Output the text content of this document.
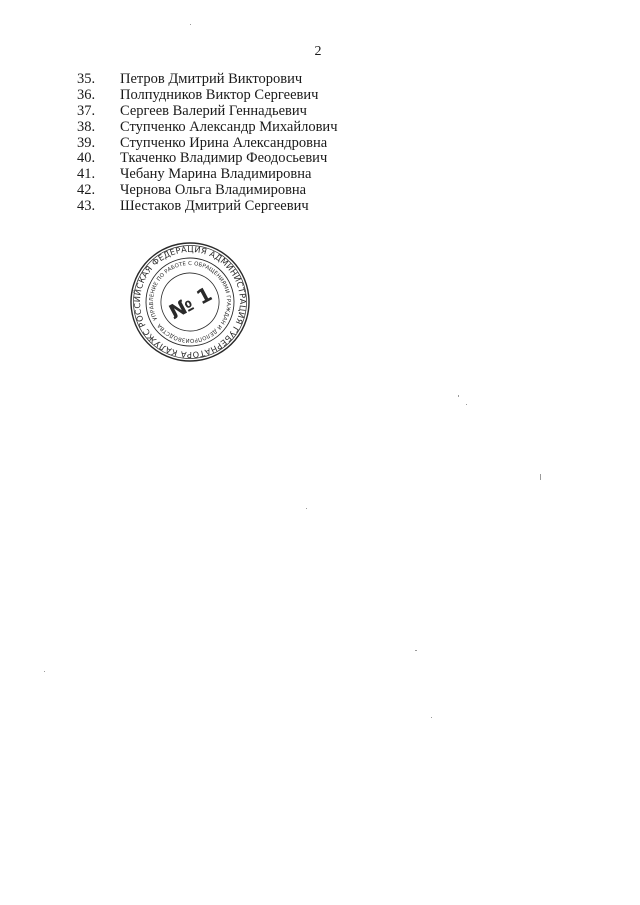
2
35.	Петров Дмитрий Викторович
36.	Полпудников Виктор Сергеевич
37.	Сергеев Валерий Геннадьевич
38.	Ступченко Александр Михайлович
39.	Ступченко Ирина Александровна
40.	Ткаченко Владимир Феодосьевич
41.	Чебану Марина Владимировна
42.	Чернова Ольга Владимировна
43.	Шестаков Дмитрий Сергеевич
РОССИЙСКАЯ ФЕДЕРАЦИЯ АДМИНИСТРАЦИЯ ГУБЕРНАТОРА КАЛУЖСКОЙ
УПРАВЛЕНИЕ ПО РАБОТЕ С ОБРАЩЕНИЯМИ ГРАЖДАН И ДЕЛОПРОИЗВОДСТВА
№ 1
